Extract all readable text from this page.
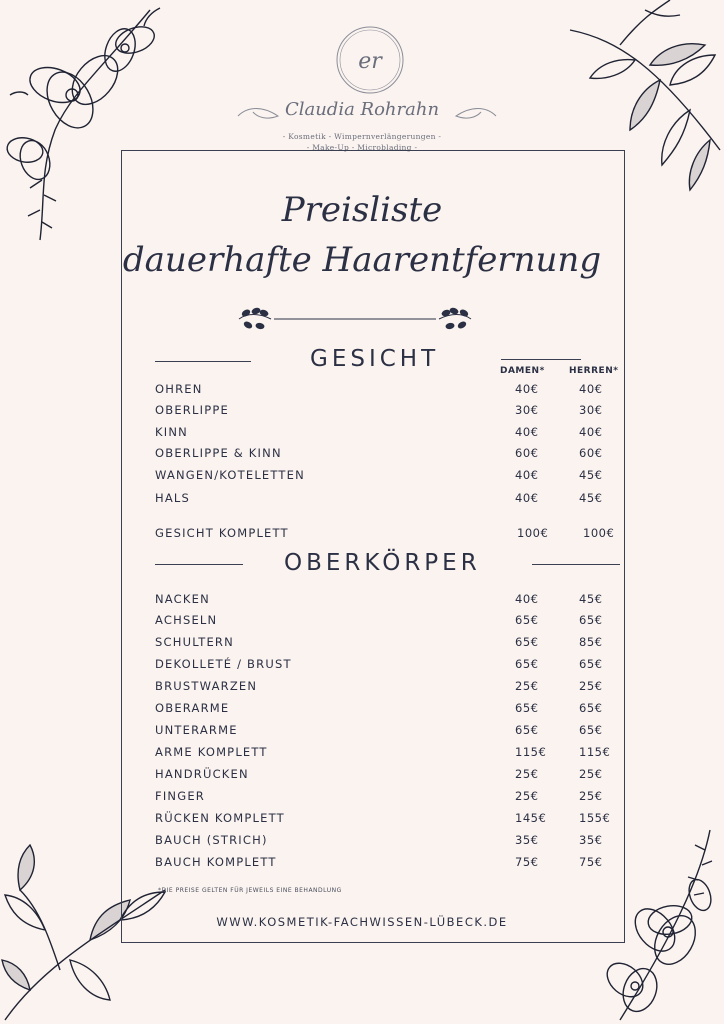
er
Claudia Rohrahn
- Kosmetik - Wimpernverlängerungen -
- Make-Up - Microblading -
Preisliste
dauerhafte Haarentfernung
GESICHT	DAMEN*	HERREN*
OHREN	40€	40€
OBERLIPPE	30€	30€
KINN	40€	40€
OBERLIPPE & KINN	60€	60€
WANGEN/KOTELETTEN	40€	45€
HALS	40€	45€
GESICHT KOMPLETT	100€	100€
OBERKÖRPER
NACKEN	40€	45€
ACHSELN	65€	65€
SCHULTERN	65€	85€
DEKOLLETÉ / BRUST	65€	65€
BRUSTWARZEN	25€	25€
OBERARME	65€	65€
UNTERARME	65€	65€
ARME KOMPLETT	115€	115€
HANDRÜCKEN	25€	25€
FINGER	25€	25€
RÜCKEN KOMPLETT	145€	155€
BAUCH (STRICH)	35€	35€
BAUCH KOMPLETT	75€	75€
*DIE PREISE GELTEN FÜR JEWEILS EINE BEHANDLUNG
WWW.KOSMETIK-FACHWISSEN-LÜBECK.DE
